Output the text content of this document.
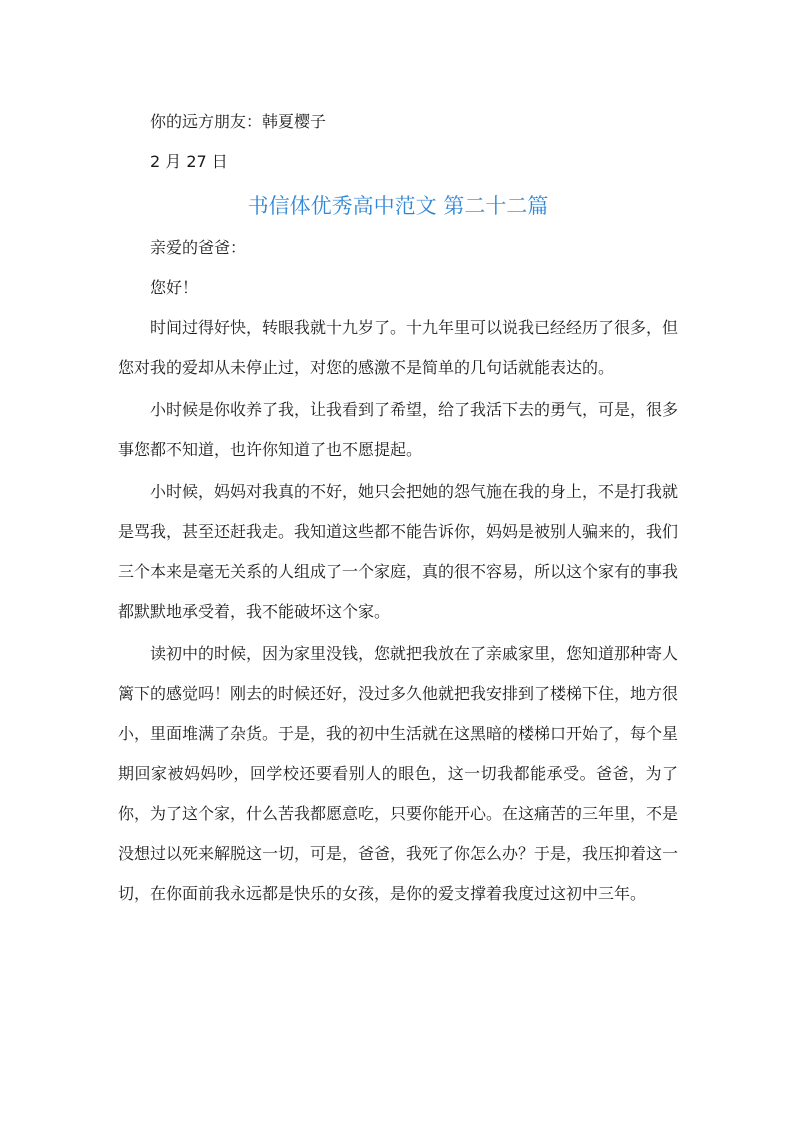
你的远方朋友：韩夏樱子
2 月 27 日
书信体优秀高中范文 第二十二篇
亲爱的爸爸：
您好！

时间过得好快，转眼我就十九岁了。十九年里可以说我已经经历了很多，但您对我的爱却从未停止过，对您的感激不是简单的几句话就能表达的。

小时候是你收养了我，让我看到了希望，给了我活下去的勇气，可是，很多事您都不知道，也许你知道了也不愿提起。

小时候，妈妈对我真的不好，她只会把她的怨气施在我的身上，不是打我就是骂我，甚至还赶我走。我知道这些都不能告诉你，妈妈是被别人骗来的，我们三个本来是毫无关系的人组成了一个家庭，真的很不容易，所以这个家有的事我都默默地承受着，我不能破坏这个家。

读初中的时候，因为家里没钱，您就把我放在了亲戚家里，您知道那种寄人篱下的感觉吗！刚去的时候还好，没过多久他就把我安排到了楼梯下住，地方很小，里面堆满了杂货。于是，我的初中生活就在这黑暗的楼梯口开始了，每个星期回家被妈妈吵，回学校还要看别人的眼色，这一切我都能承受。爸爸，为了你，为了这个家，什么苦我都愿意吃，只要你能开心。在这痛苦的三年里，不是没想过以死来解脱这一切，可是，爸爸，我死了你怎么办？于是，我压抑着这一切，在你面前我永远都是快乐的女孩，是你的爱支撑着我度过这初中三年。
